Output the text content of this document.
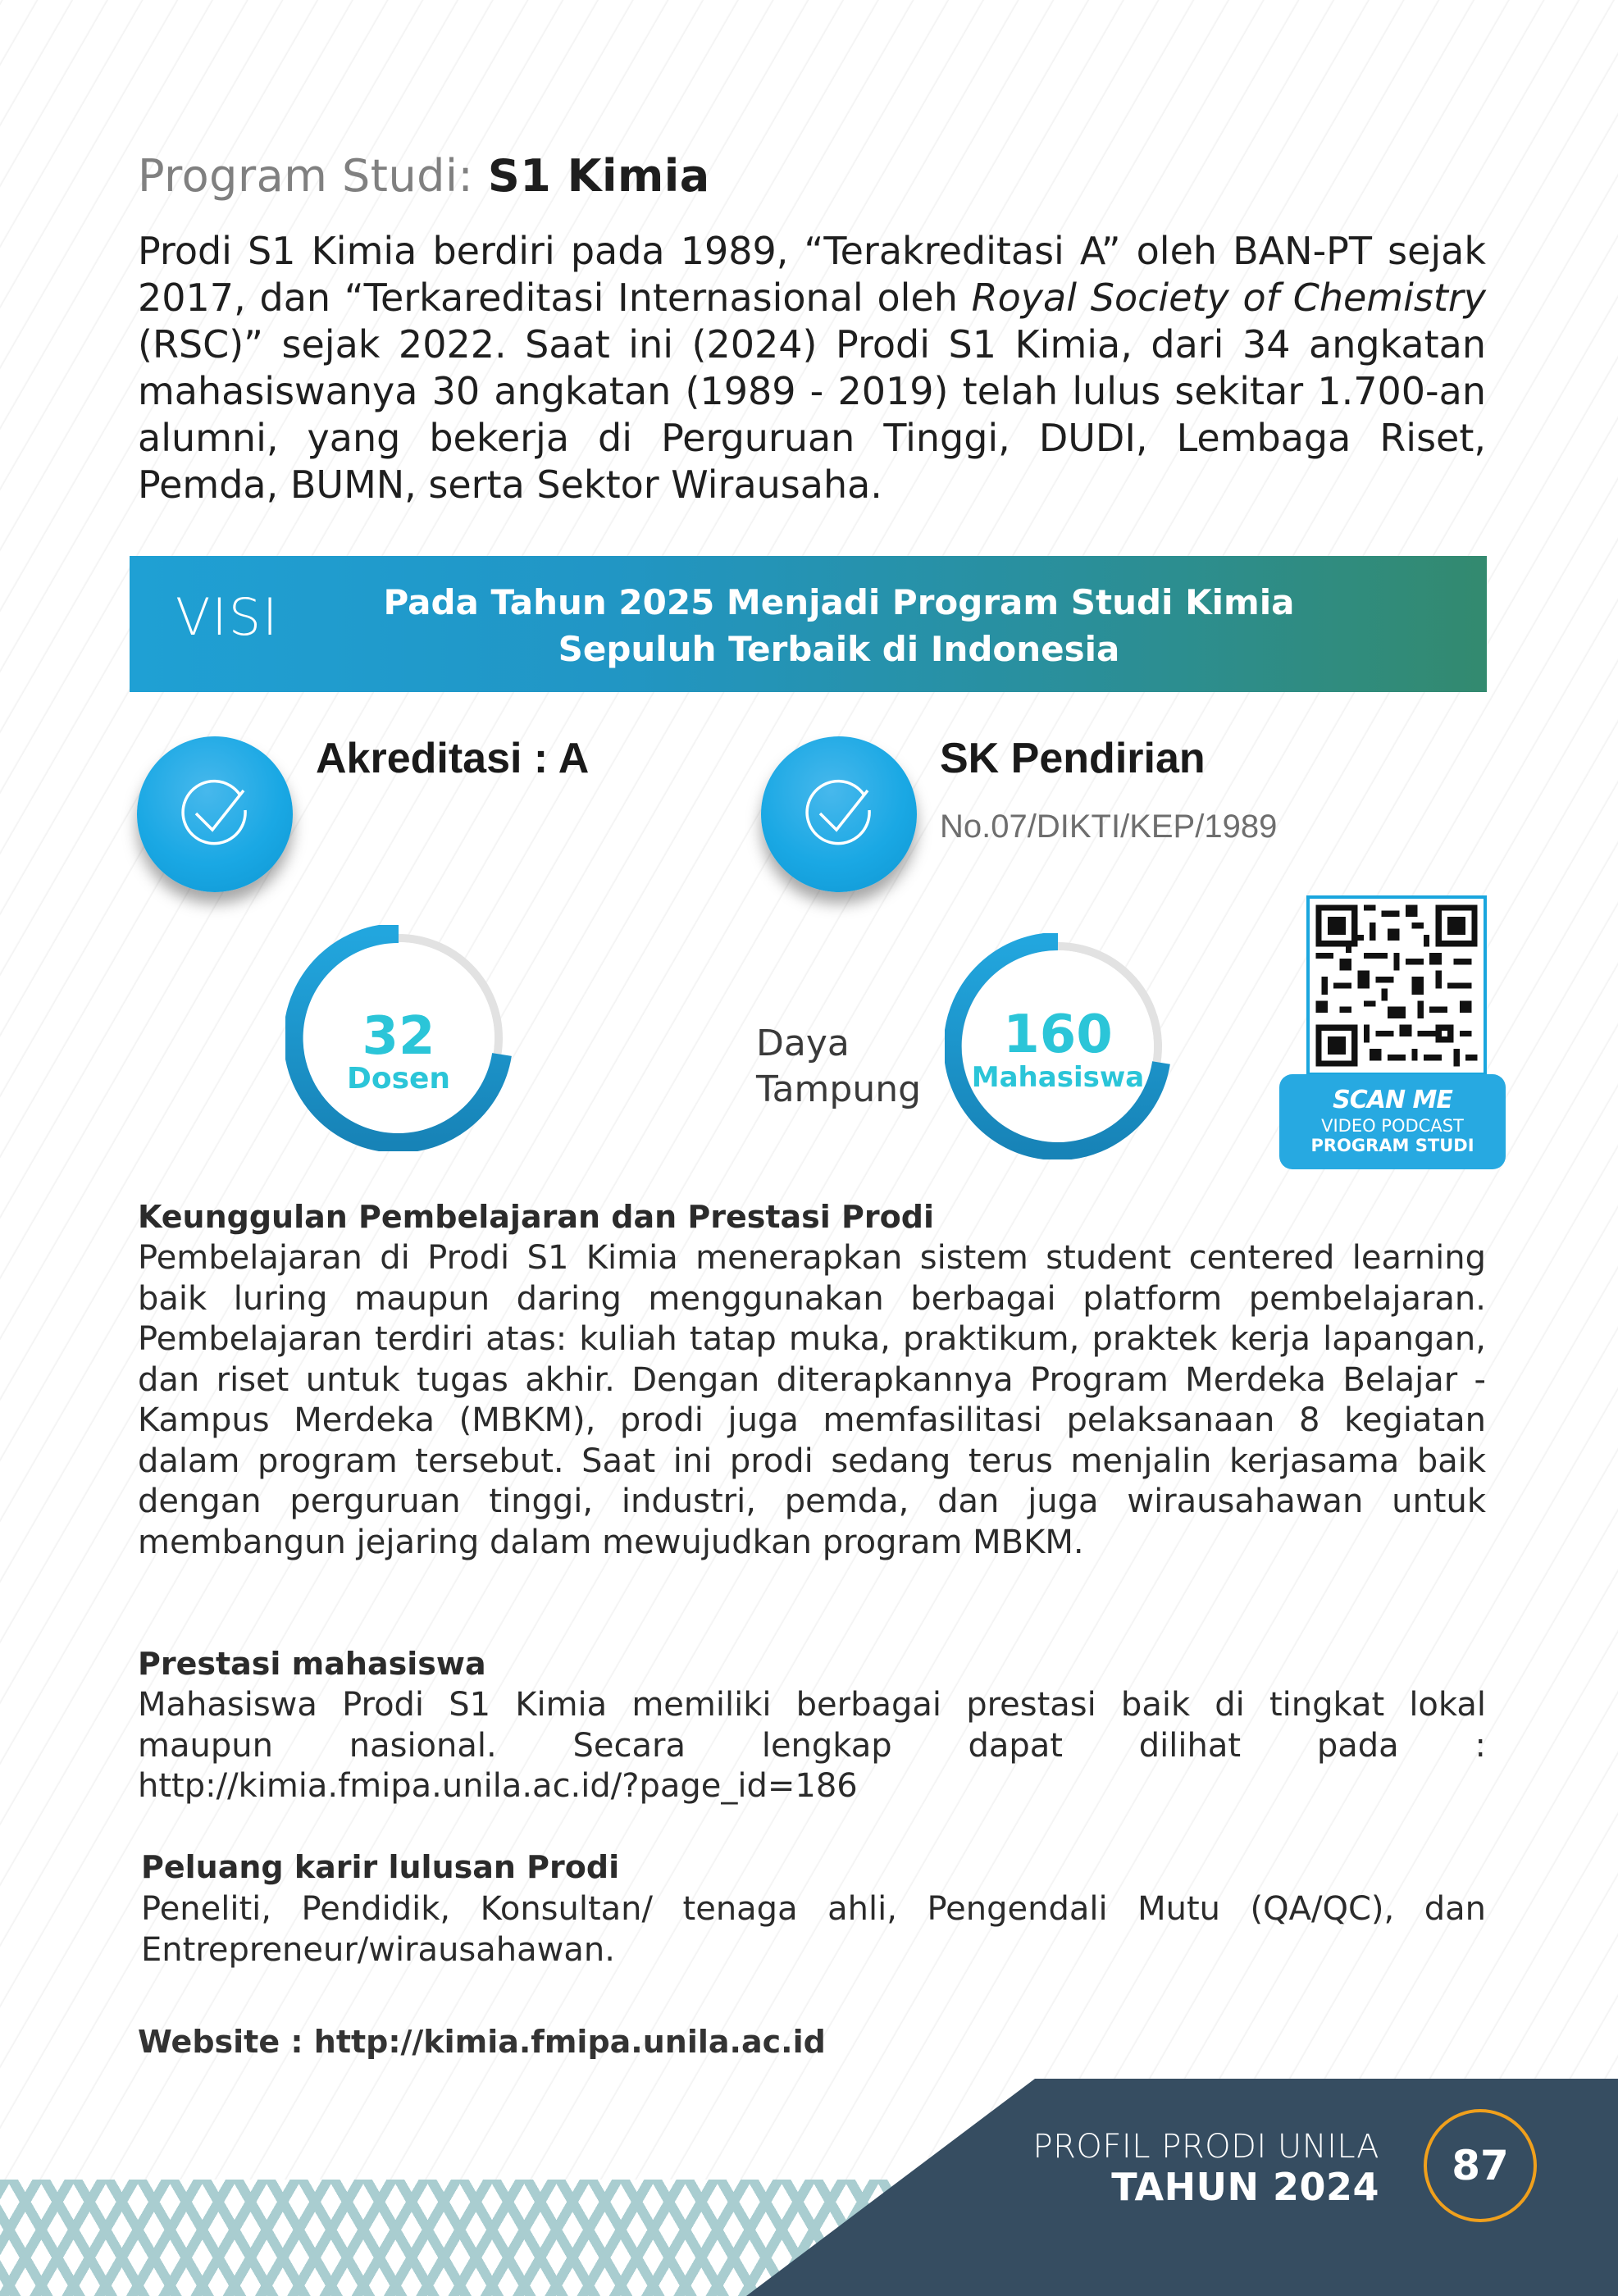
Program Studi: S1 Kimia
Prodi S1 Kimia berdiri pada 1989, “Terakreditasi A” oleh BAN-PT sejak 2017, dan “Terkareditasi Internasional oleh Royal Society of Chemistry (RSC)” sejak 2022. Saat ini (2024) Prodi S1 Kimia, dari 34 angkatan mahasiswanya 30 angkatan (1989 - 2019) telah lulus sekitar 1.700-an alumni, yang bekerja di Perguruan Tinggi, DUDI, Lembaga Riset, Pemda, BUMN, serta Sektor Wirausaha.
VISI	Pada Tahun 2025 Menjadi Program Studi Kimia
Sepuluh Terbaik di Indonesia
Akreditasi : A	SK Pendirian
No.07/DIKTI/KEP/1989
32
Dosen
Daya
Tampung
160
Mahasiswa
SCAN ME
VIDEO PODCAST
PROGRAM STUDI
Keunggulan Pembelajaran dan Prestasi Prodi
Pembelajaran di Prodi S1 Kimia menerapkan sistem student centered learning baik luring maupun daring menggunakan berbagai platform pembelajaran. Pembelajaran terdiri atas: kuliah tatap muka, praktikum, praktek kerja lapangan, dan riset untuk tugas akhir. Dengan diterapkannya Program Merdeka Belajar - Kampus Merdeka (MBKM), prodi juga memfasilitasi pelaksanaan 8 kegiatan dalam program tersebut. Saat ini prodi sedang terus menjalin kerjasama baik dengan perguruan tinggi, industri, pemda, dan juga wirausahawan untuk membangun jejaring dalam mewujudkan program MBKM.
Prestasi mahasiswa
Mahasiswa Prodi S1 Kimia memiliki berbagai prestasi baik di tingkat lokal maupun nasional. Secara lengkap dapat dilihat pada : http://kimia.fmipa.unila.ac.id/?page_id=186
Peluang karir lulusan Prodi
Peneliti, Pendidik, Konsultan/ tenaga ahli, Pengendali Mutu (QA/QC), dan Entrepreneur/wirausahawan.
Website : http://kimia.fmipa.unila.ac.id
PROFIL PRODI UNILA
TAHUN 2024	87
